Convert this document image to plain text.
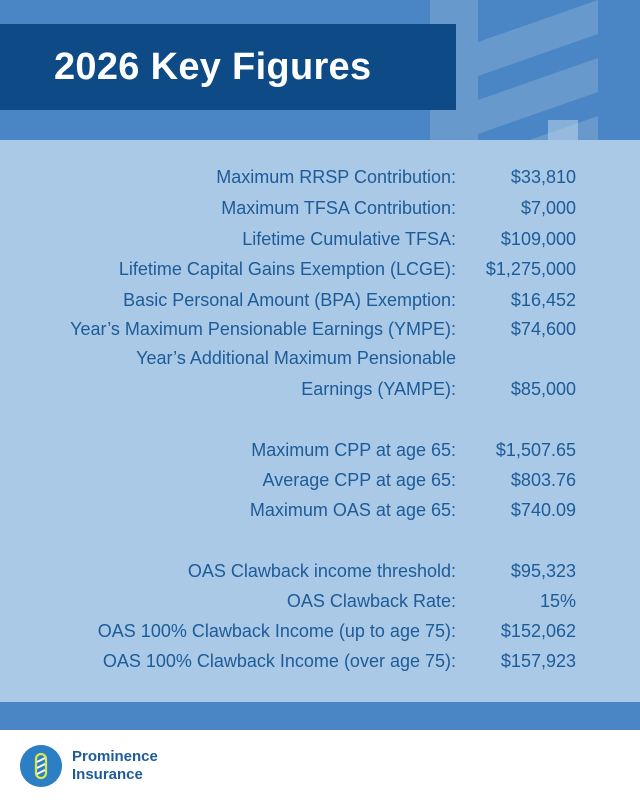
2026 Key Figures
Maximum RRSP Contribution:	$33,810
Maximum TFSA Contribution:	$7,000
Lifetime Cumulative TFSA: $109,000
Lifetime Capital Gains Exemption (LCGE): $1,275,000
Basic Personal Amount (BPA) Exemption:	$16,452
Year’s Maximum Pensionable Earnings (YMPE):	$74,600
Year’s Additional Maximum Pensionable
Earnings (YAMPE):	$85,000
Maximum CPP at age 65: $1,507.65
Average CPP at age 65:	$803.76
Maximum OAS at age 65:	$740.09
OAS Clawback income threshold:	$95,323
OAS Clawback Rate:	15%
OAS 100% Clawback Income (up to age 75): $152,062
OAS 100% Clawback Income (over age 75): $157,923
Prominence
Insurance
